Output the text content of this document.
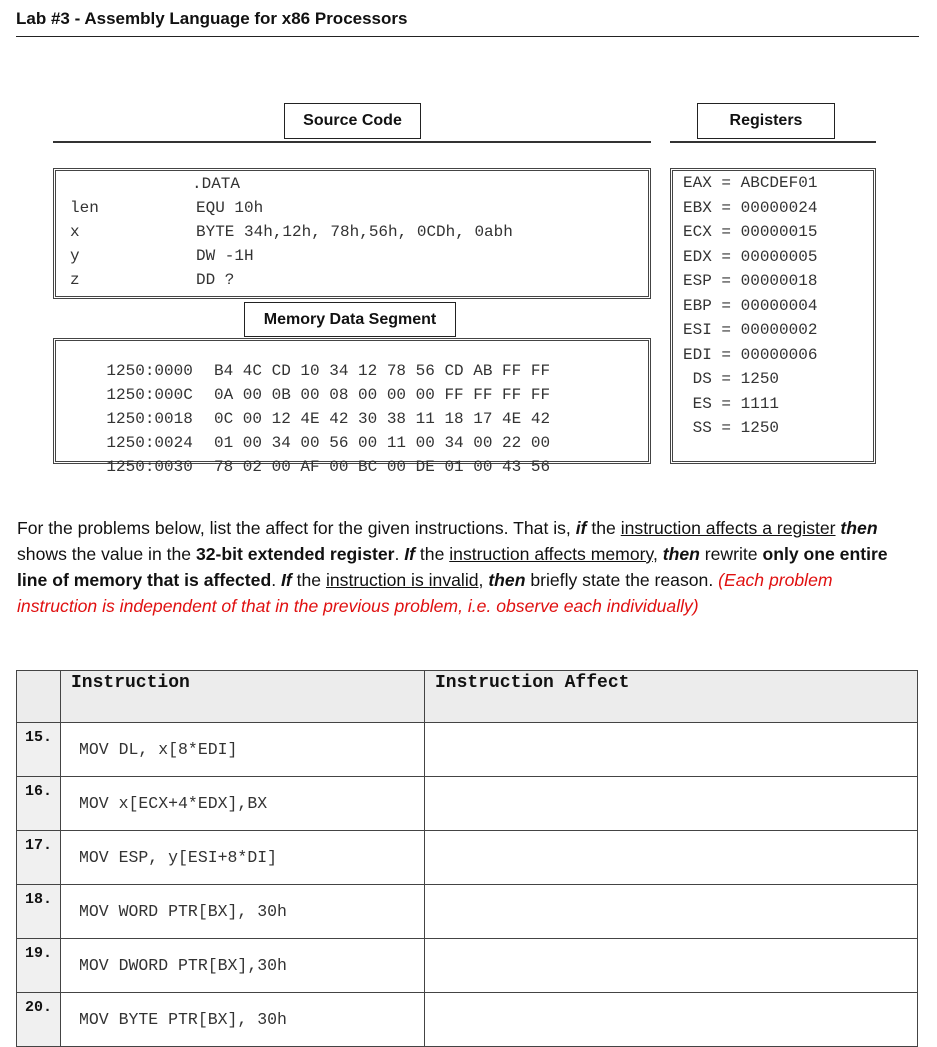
Lab #3 - Assembly Language for x86 Processors
Source Code	Registers
.DATA
len	EQU 10h
x	BYTE 34h,12h, 78h,56h, 0CDh, 0abh
y	DW -1H
z	DD ?

1250:0000 B4 4C CD 10 34 12 78 56 CD AB FF FF

1250:000C 0A 00 0B 00 08 00 00 00 FF FF FF FF

1250:0018 0C 00 12 4E 42 30 38 11 18 17 4E 42

1250:0024 01 00 34 00 56 00 11 00 34 00 22 00

1250:0030 78 02 00 AF 00 BC 00 DE 01 00 43 56

Memory Data Segment
EAX = ABCDEF01
EBX = 00000024
ECX = 00000015
EDX = 00000005
ESP = 00000018
EBP = 00000004
ESI = 00000002
EDI = 00000006
DS = 1250
ES = 1111
SS = 1250
For the problems below, list the affect for the given instructions. That is, if the instruction affects a register then shows the value in the 32-bit extended register. If the instruction affects memory, then rewrite only one entire line of memory that is affected. If the instruction is invalid, then briefly state the reason. (Each problem instruction is independent of that in the previous problem, i.e. observe each individually)
	Instruction	Instruction Affect
15.	MOV DL, x[8*EDI]	
16.	MOV x[ECX+4*EDX],BX	
17.	MOV ESP, y[ESI+8*DI]	
18.	MOV WORD PTR[BX], 30h	
19.	MOV DWORD PTR[BX],30h	
20.	MOV BYTE PTR[BX], 30h	
